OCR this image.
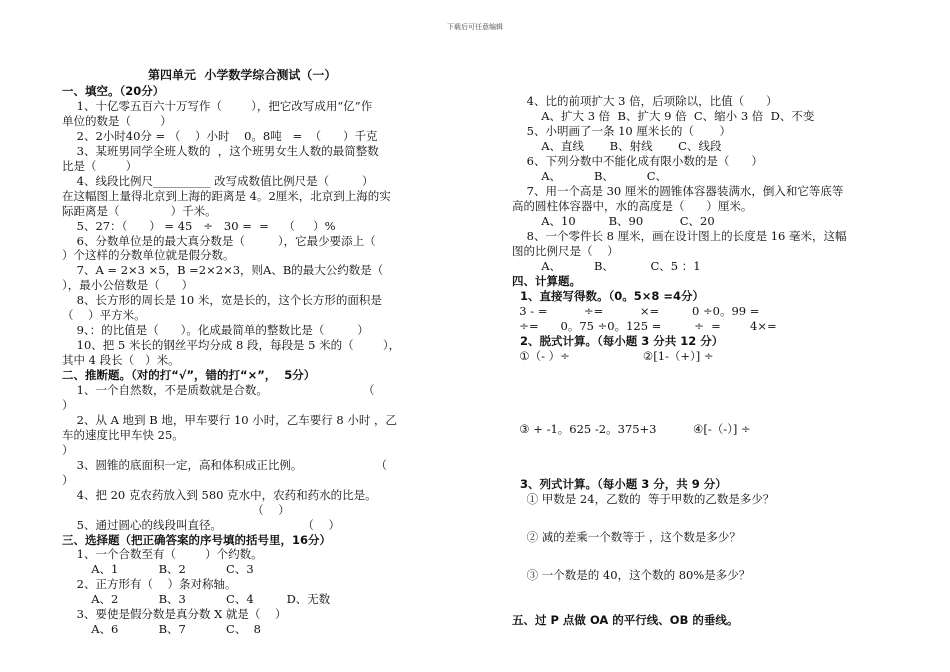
下载后可任意编辑
第四单元  小学数学综合测试（一）
一、填空。（20分）
1、十亿零五百六十万写作（        ），把它改写成用“亿”作
单位的数是（        ）
2、2小时40分 = （    ）小时    0。8吨   =  （      ）千克
3、某班男同学全班人数的  ，这个班男女生人数的最简整数
比是（        ）
4、线段比例尺__________ 改写成数值比例尺是（         ）
在这幅图上量得北京到上海的距离是 4。2厘米，北京到上海的实
际距离是（              ）千米。
5、27：（      ） = 45   ÷   30 =  =    （     ）%
6、分数单位是的最大真分数是（         ），它最少要添上（
）个这样的分数单位就是假分数。
7、A = 2×3 ×5，B =2×2×3，则A、B的最大公约数是（
），最小公倍数是（      ）
8、长方形的周长是 10 米，宽是长的，这个长方形的面积是
（    ）平方米。
9、：的比值是（      ）。化成最简单的整数比是（         ）
10、把 5 米长的钢丝平均分成 8 段，每段是 5 米的（        ），
其中 4 段长（   ）米。
二、推断题。（对的打“√”，错的打“×”，  5分）
1、一个自然数，不是质数就是合数。                          （
）
2、从 A 地到 B 地，甲车要行 10 小时，乙车要行 8 小时 ，乙
车的速度比甲车快 25。
）
3、圆锥的底面积一定，高和体积成正比例。                    （
）
4、把 20 克农药放入到 580 克水中，农药和药水的比是。
（    ）
5、通过圆心的线段叫直径。                      （    ）
三、选择题（把正确答案的序号填的括号里，16分）
1、一个合数至有（        ）个约数。
A、1           B、2           C、3
2、正方形有（    ）条对称轴。
A、2           B、3           C、4         D、无数
3、要使是假分数是真分数 X 就是（    ）
A、6           B、7           C、  8
4、比的前项扩大 3 倍，后项除以，比值（      ）
A、扩大 3 倍  B、扩大 9 倍  C、缩小 3 倍  D、不变
5、小明画了一条 10 厘米长的（       ）
A、直线       B、射线       C、线段
6、下列分数中不能化成有限小数的是（      ）
A、         B、         C、
7、用一个高是 30 厘米的圆锥体容器装满水，倒入和它等底等
高的圆柱体容器中，水的高度是（      ）厘米。
A、10         B、90          C、20
8、一个零件长 8 厘米，画在设计图上的长度是 16 毫米，这幅
图的比例尺是（    ）
A、         B、          C、5 ：1
四、计算题。
1、直接写得数。（0。5×8 =4分）
3 - =          ÷=          ×=         0 ÷0。99 =
÷=      0。75 ÷0。125 =         ÷  =        4×=
2、脱式计算。（每小题 3 分共 12 分）
①（- ）÷                    ②[1-（+）] ÷
③ + -1。625 -2。375+3          ④[-（-）] ÷
3、列式计算。（每小题 3 分，共 9 分）
① 甲数是 24，乙数的  等于甲数的乙数是多少？
② 减的差乘一个数等于 ，这个数是多少？
③ 一个数是的 40，这个数的 80%是多少？
五、过 P 点做 OA 的平行线、OB 的垂线。
